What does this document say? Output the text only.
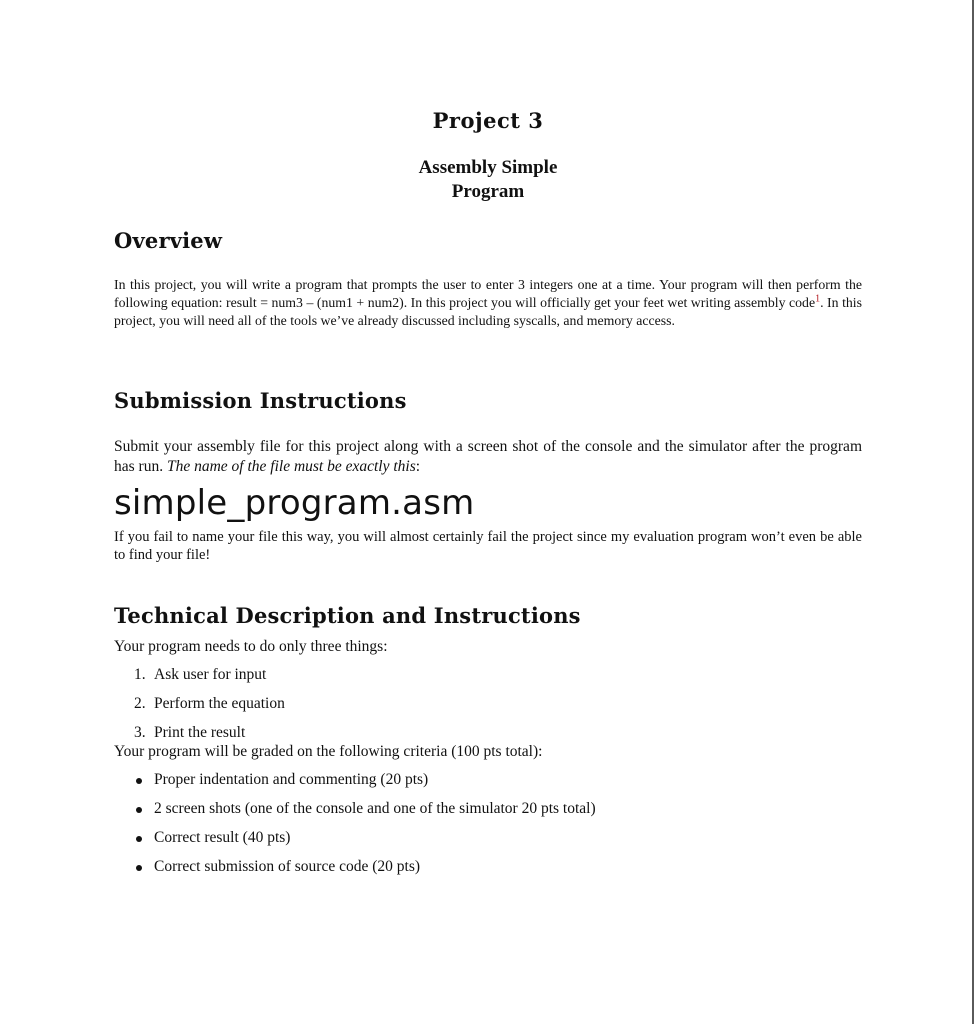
Project 3
Assembly Simple
Program
Overview

In this project, you will write a program that prompts the user to enter 3 integers one at a time. Your program will then perform the following equation: result = num3 – (num1 + num2). In this project you will officially get your feet wet writing assembly code$^1$. In this project, you will need all of the tools we’ve already discussed including syscalls, and memory access.

Submission Instructions

Submit your assembly file for this project along with a screen shot of the console and the simulator after the program has run. The name of the file must be exactly this:

simple_program.asm

If you fail to name your file this way, you will almost certainly fail the project since my evaluation program won’t even be able to find your file!

Technical Description and Instructions

Your program needs to do only three things:

1. Ask user for input
2. Perform the equation
3. Print the result

Your program will be graded on the following criteria (100 pts total):

Proper indentation and commenting (20 pts)
2 screen shots (one of the console and one of the simulator 20 pts total)
Correct result (40 pts)
Correct submission of source code (20 pts)
